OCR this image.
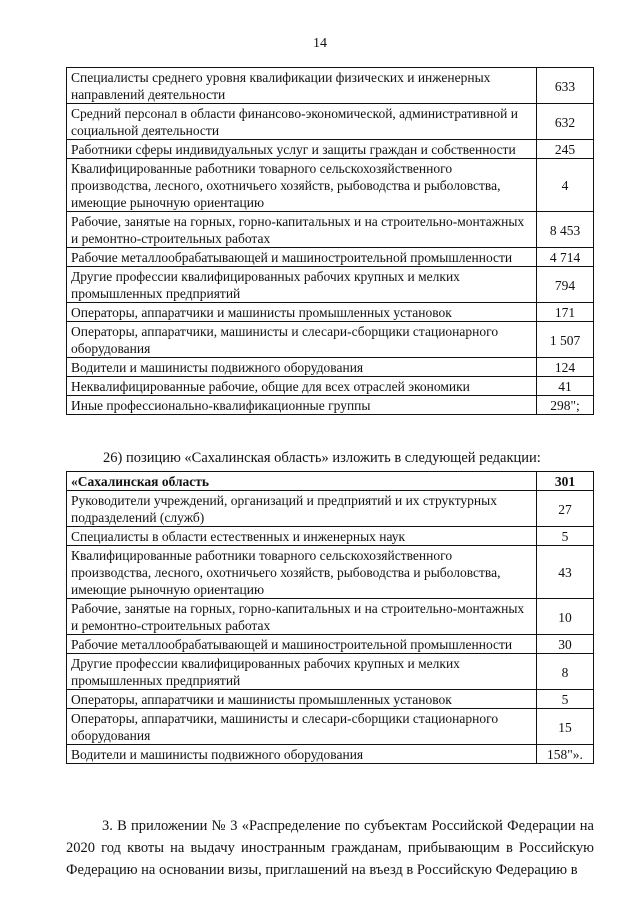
14
Специалисты среднего уровня квалификации физических и инженерных направлений деятельности	633
Средний персонал в области финансово-экономической, административной и социальной деятельности	632
Работники сферы индивидуальных услуг и защиты граждан и собственности	245
Квалифицированные работники товарного сельскохозяйственного производства, лесного, охотничьего хозяйств, рыбоводства и рыболовства, имеющие рыночную ориентацию	4
Рабочие, занятые на горных, горно-капитальных и на строительно-монтажных и ремонтно-строительных работах	8 453
Рабочие металлообрабатывающей и машиностроительной промышленности	4 714
Другие профессии квалифицированных рабочих крупных и мелких промышленных предприятий	794
Операторы, аппаратчики и машинисты промышленных установок	171
Операторы, аппаратчики, машинисты и слесари-сборщики стационарного оборудования	1 507
Водители и машинисты подвижного оборудования	124
Неквалифицированные рабочие, общие для всех отраслей экономики	41
Иные профессионально-квалификационные группы	298";
26) позицию «Сахалинская область» изложить в следующей редакции:
«Сахалинская область	301
Руководители учреждений, организаций и предприятий и их структурных подразделений (служб)	27
Специалисты в области естественных и инженерных наук	5
Квалифицированные работники товарного сельскохозяйственного производства, лесного, охотничьего хозяйств, рыбоводства и рыболовства, имеющие рыночную ориентацию	43
Рабочие, занятые на горных, горно-капитальных и на строительно-монтажных и ремонтно-строительных работах	10
Рабочие металлообрабатывающей и машиностроительной промышленности	30
Другие профессии квалифицированных рабочих крупных и мелких промышленных предприятий	8
Операторы, аппаратчики и машинисты промышленных установок	5
Операторы, аппаратчики, машинисты и слесари-сборщики стационарного оборудования	15
Водители и машинисты подвижного оборудования	158"».

3. В приложении № 3 «Распределение по субъектам Российской Федерации на 2020 год квоты на выдачу иностранным гражданам, прибывающим в Российскую Федерацию на основании визы, приглашений на въезд в Российскую Федерацию в
